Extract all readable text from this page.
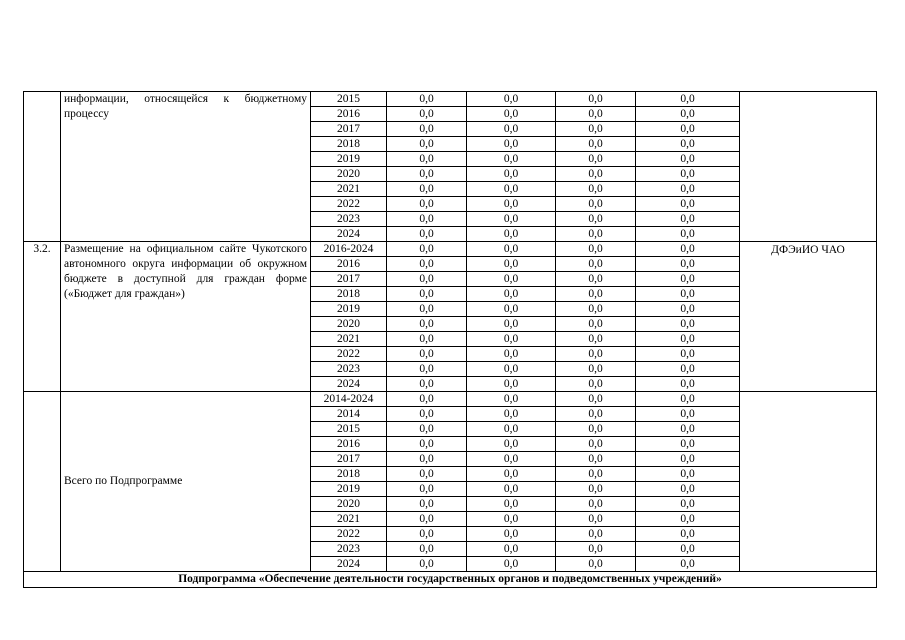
	информации, относящейся к бюджетному процессу	2015	0,0	0,0	0,0	0,0	
		2016	0,0	0,0	0,0	0,0	
		2017	0,0	0,0	0,0	0,0	
		2018	0,0	0,0	0,0	0,0	
		2019	0,0	0,0	0,0	0,0	
		2020	0,0	0,0	0,0	0,0	
		2021	0,0	0,0	0,0	0,0	
		2022	0,0	0,0	0,0	0,0	
		2023	0,0	0,0	0,0	0,0	
		2024	0,0	0,0	0,0	0,0	
3.2.	Размещение на официальном сайте Чукотского автономного округа информации об окружном бюджете в доступной для граждан форме («Бюджет для граждан»)	2016-2024	0,0	0,0	0,0	0,0	ДФЭиИО ЧАО
		2016	0,0	0,0	0,0	0,0	
		2017	0,0	0,0	0,0	0,0	
		2018	0,0	0,0	0,0	0,0	
		2019	0,0	0,0	0,0	0,0	
		2020	0,0	0,0	0,0	0,0	
		2021	0,0	0,0	0,0	0,0	
		2022	0,0	0,0	0,0	0,0	
		2023	0,0	0,0	0,0	0,0	
		2024	0,0	0,0	0,0	0,0	
	Всего по Подпрограмме	2014-2024	0,0	0,0	0,0	0,0	
		2014	0,0	0,0	0,0	0,0	
		2015	0,0	0,0	0,0	0,0	
		2016	0,0	0,0	0,0	0,0	
		2017	0,0	0,0	0,0	0,0	
		2018	0,0	0,0	0,0	0,0	
		2019	0,0	0,0	0,0	0,0	
		2020	0,0	0,0	0,0	0,0	
		2021	0,0	0,0	0,0	0,0	
		2022	0,0	0,0	0,0	0,0	
		2023	0,0	0,0	0,0	0,0	
		2024	0,0	0,0	0,0	0,0	
Подпрограмма «Обеспечение деятельности государственных органов и подведомственных учреждений»							
